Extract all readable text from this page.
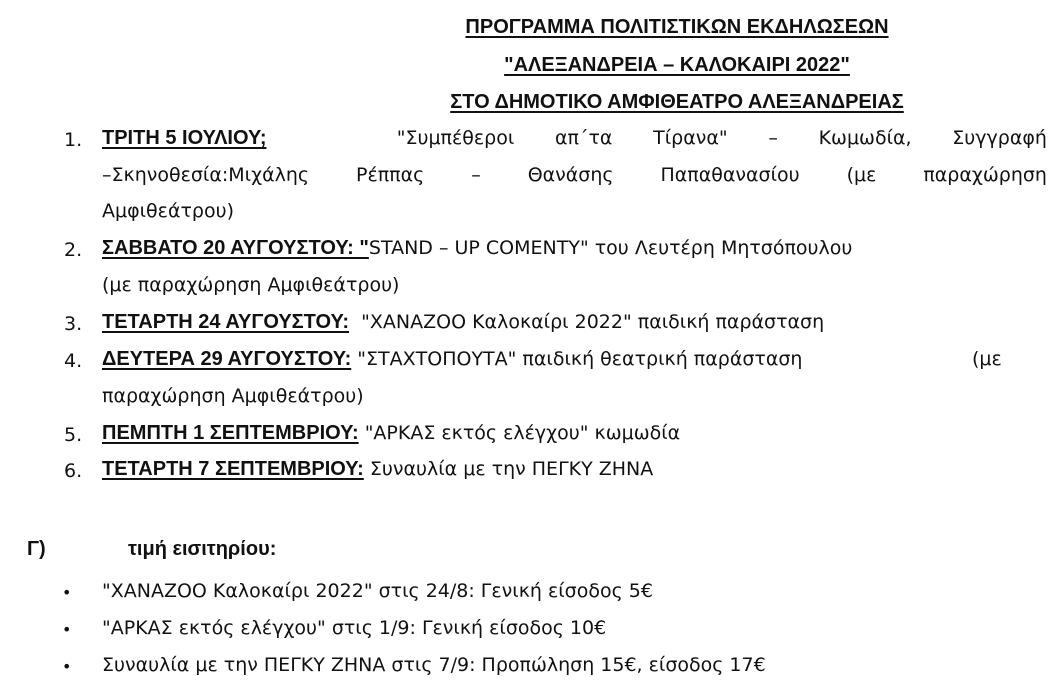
ΠΡΟΓΡΑΜΜΑ ΠΟΛΙΤΙΣΤΙΚΩΝ ΕΚΔΗΛΩΣΕΩΝ
"ΑΛΕΞΑΝΔΡΕΙΑ – ΚΑΛΟΚΑΙΡΙ 2022"
ΣΤΟ ΔΗΜΟΤΙΚΟ ΑΜΦΙΘΕΑΤΡΟ ΑΛΕΞΑΝΔΡΕΙΑΣ
1. ΤΡΙΤΗ 5 ΙΟΥΛΙΟΥ;	"Συμπέθεροι απ΄τα Τίρανα" – Κωμωδία, Συγγραφή
–Σκηνοθεσία:Μιχάλης Ρέππας – Θανάσης Παπαθανασίου (με παραχώρηση
Αμφιθεάτρου)
2. ΣΑΒΒΑΤΟ 20 ΑΥΓΟΥΣΤΟΥ: "STAND – UP COMENTY" του Λευτέρη Μητσόπουλου
(με παραχώρηση Αμφιθεάτρου)
3. ΤΕΤΑΡΤΗ 24 ΑΥΓΟΥΣΤΟΥ: "ΧΑΝΑΖΟΟ Καλοκαίρι 2022" παιδική παράσταση
4. ΔΕΥΤΕΡΑ 29 ΑΥΓΟΥΣΤΟΥ: "ΣΤΑΧΤΟΠΟΥΤΑ" παιδική θεατρική παράσταση	(με
παραχώρηση Αμφιθεάτρου)
5. ΠΕΜΠΤΗ 1 ΣΕΠΤΕΜΒΡΙΟΥ: "ΑΡΚΑΣ εκτός ελέγχου" κωμωδία
6. ΤΕΤΑΡΤΗ 7 ΣΕΠΤΕΜΒΡΙΟΥ: Συναυλία με την ΠΕΓΚΥ ΖΗΝΑ
Γ)	τιμή εισιτηρίου:
• "ΧΑΝΑΖΟΟ Καλοκαίρι 2022" στις 24/8: Γενική είσοδος 5€
• "ΑΡΚΑΣ εκτός ελέγχου" στις 1/9: Γενική είσοδος 10€
• Συναυλία με την ΠΕΓΚΥ ΖΗΝΑ στις 7/9: Προπώληση 15€, είσοδος 17€
